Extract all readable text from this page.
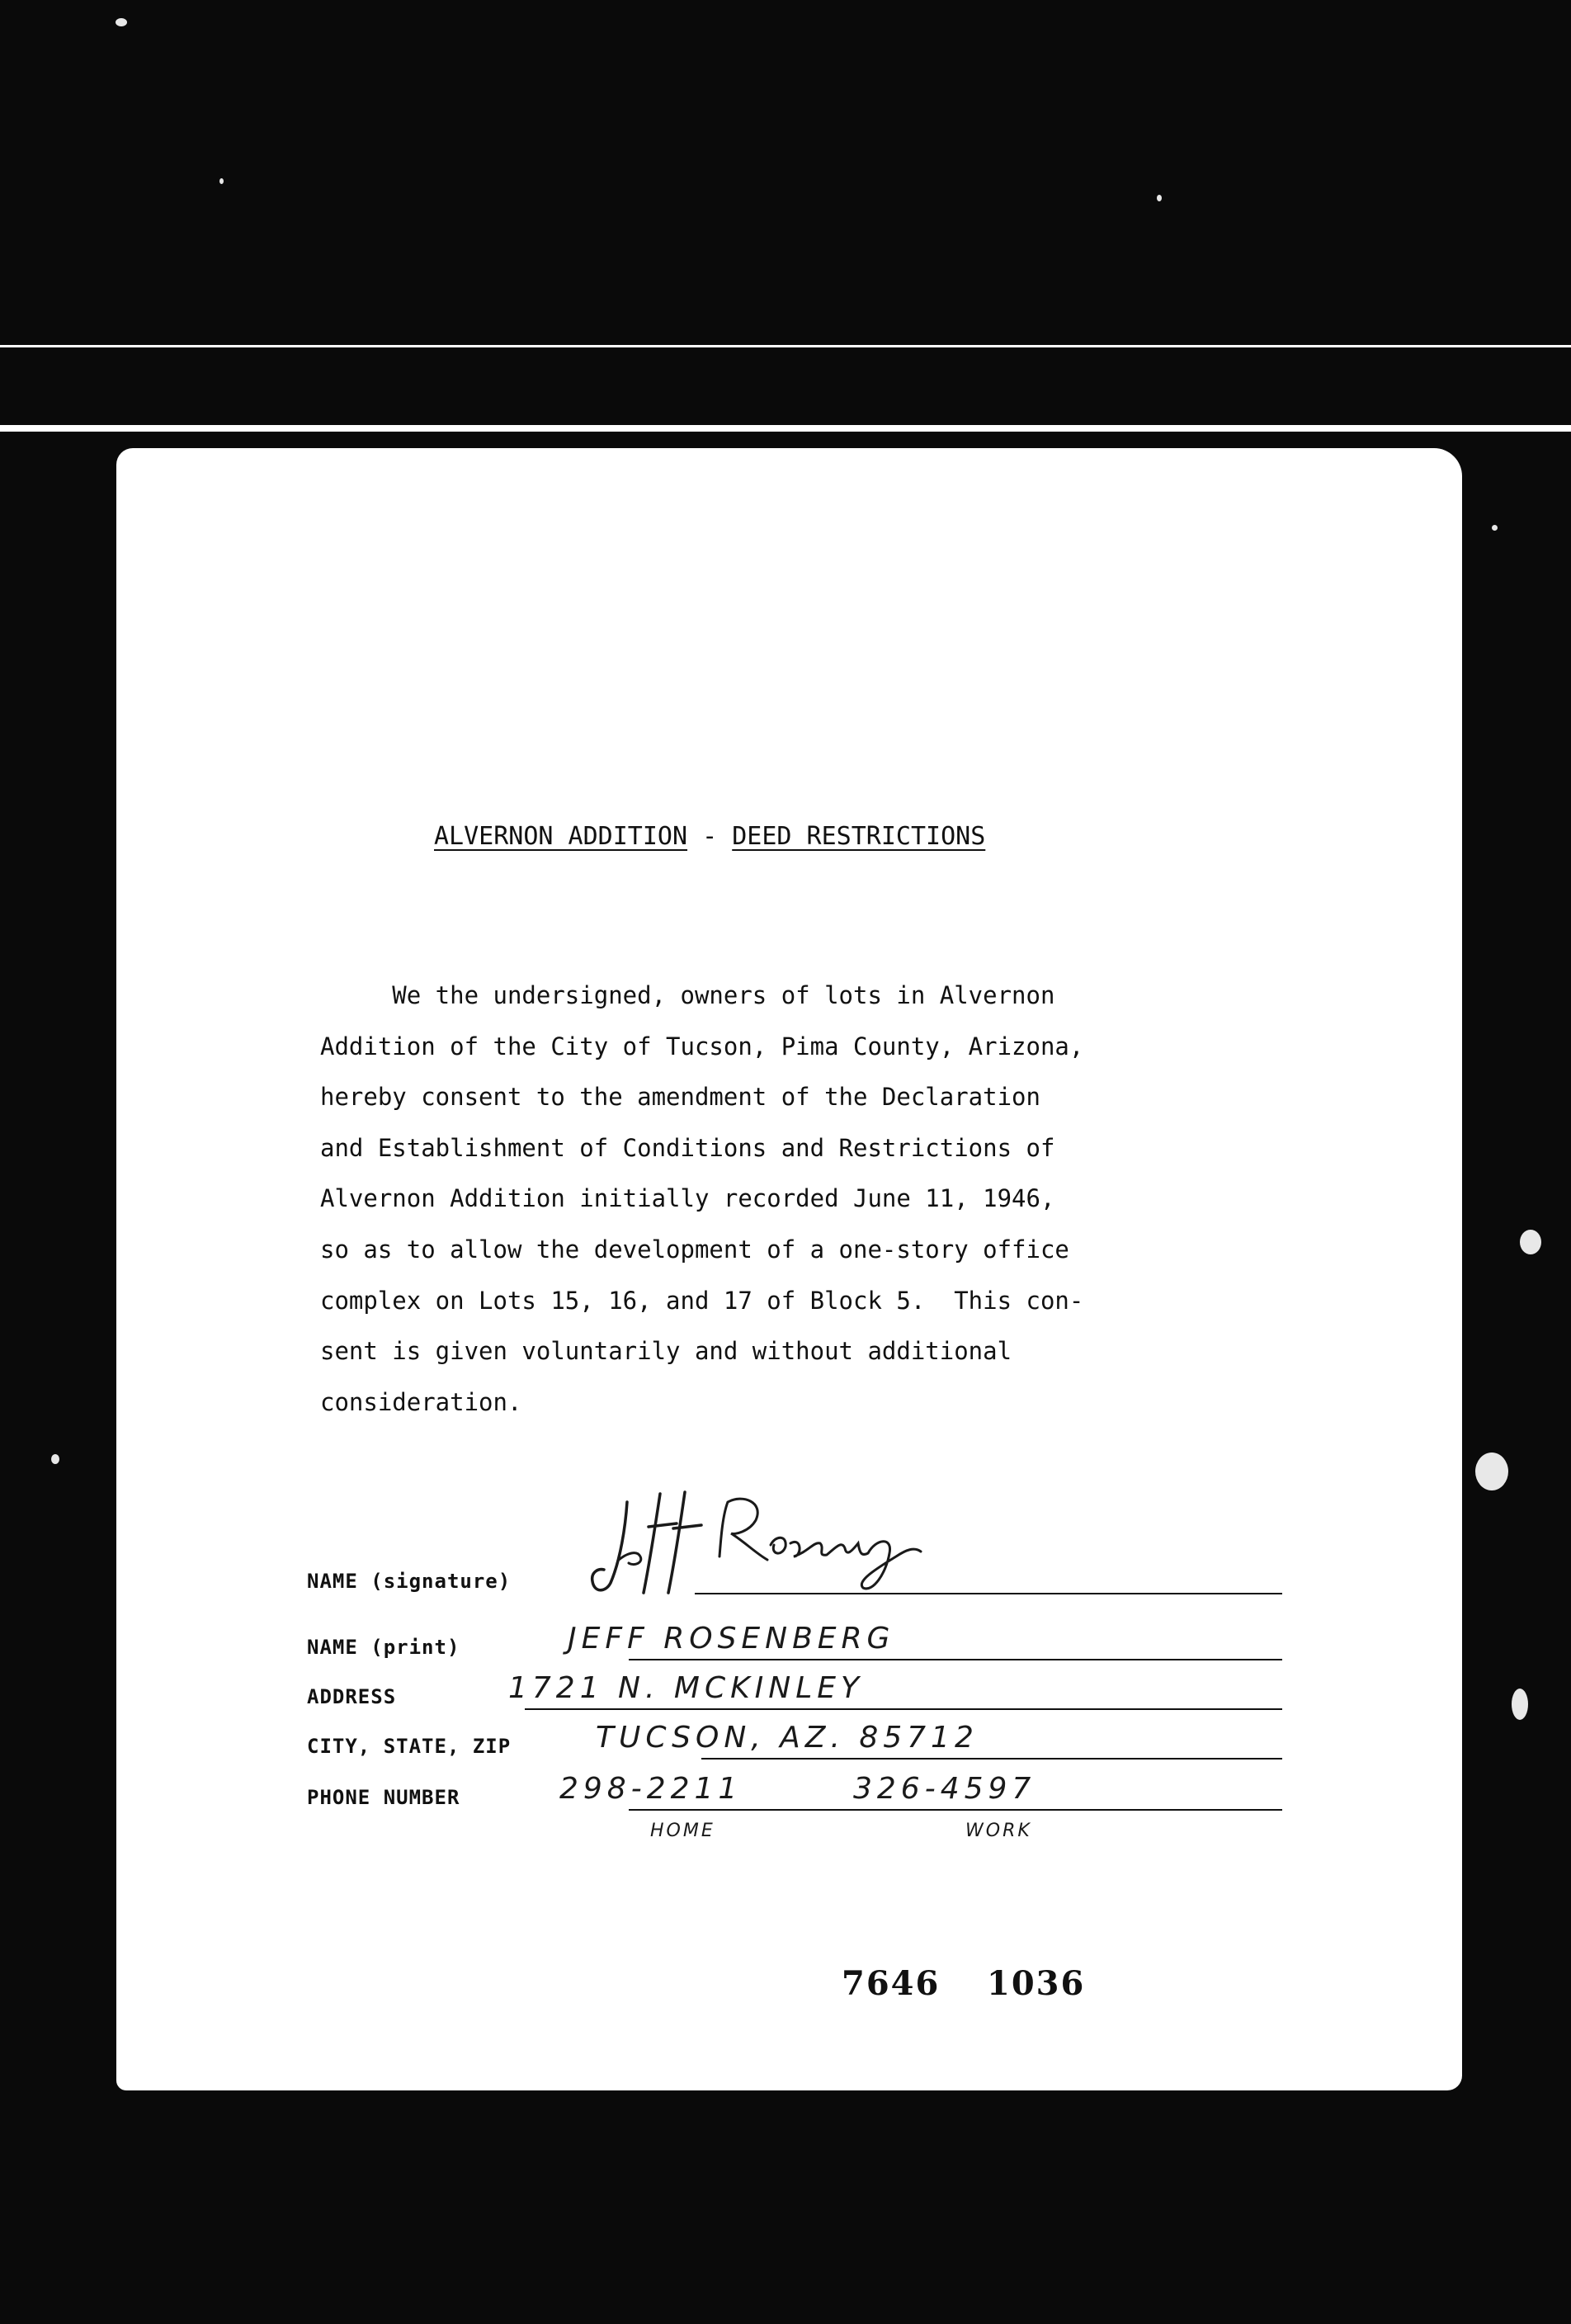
ALVERNON ADDITION - DEED RESTRICTIONS
We the undersigned, owners of lots in Alvernon
Addition of the City of Tucson, Pima County, Arizona,
hereby consent to the amendment of the Declaration
and Establishment of Conditions and Restrictions of
Alvernon Addition initially recorded June 11, 1946,
so as to allow the development of a one-story office
complex on Lots 15, 16, and 17 of Block 5.  This con-
sent is given voluntarily and without additional
consideration.
NAME (signature)
NAME (print)	JEFF ROSENBERG
ADDRESS	1721 N. MCKINLEY
CITY, STATE, ZIP	TUCSON, AZ. 85712
PHONE NUMBER	298-2211	326-4597
HOME	WORK
7646 1036
